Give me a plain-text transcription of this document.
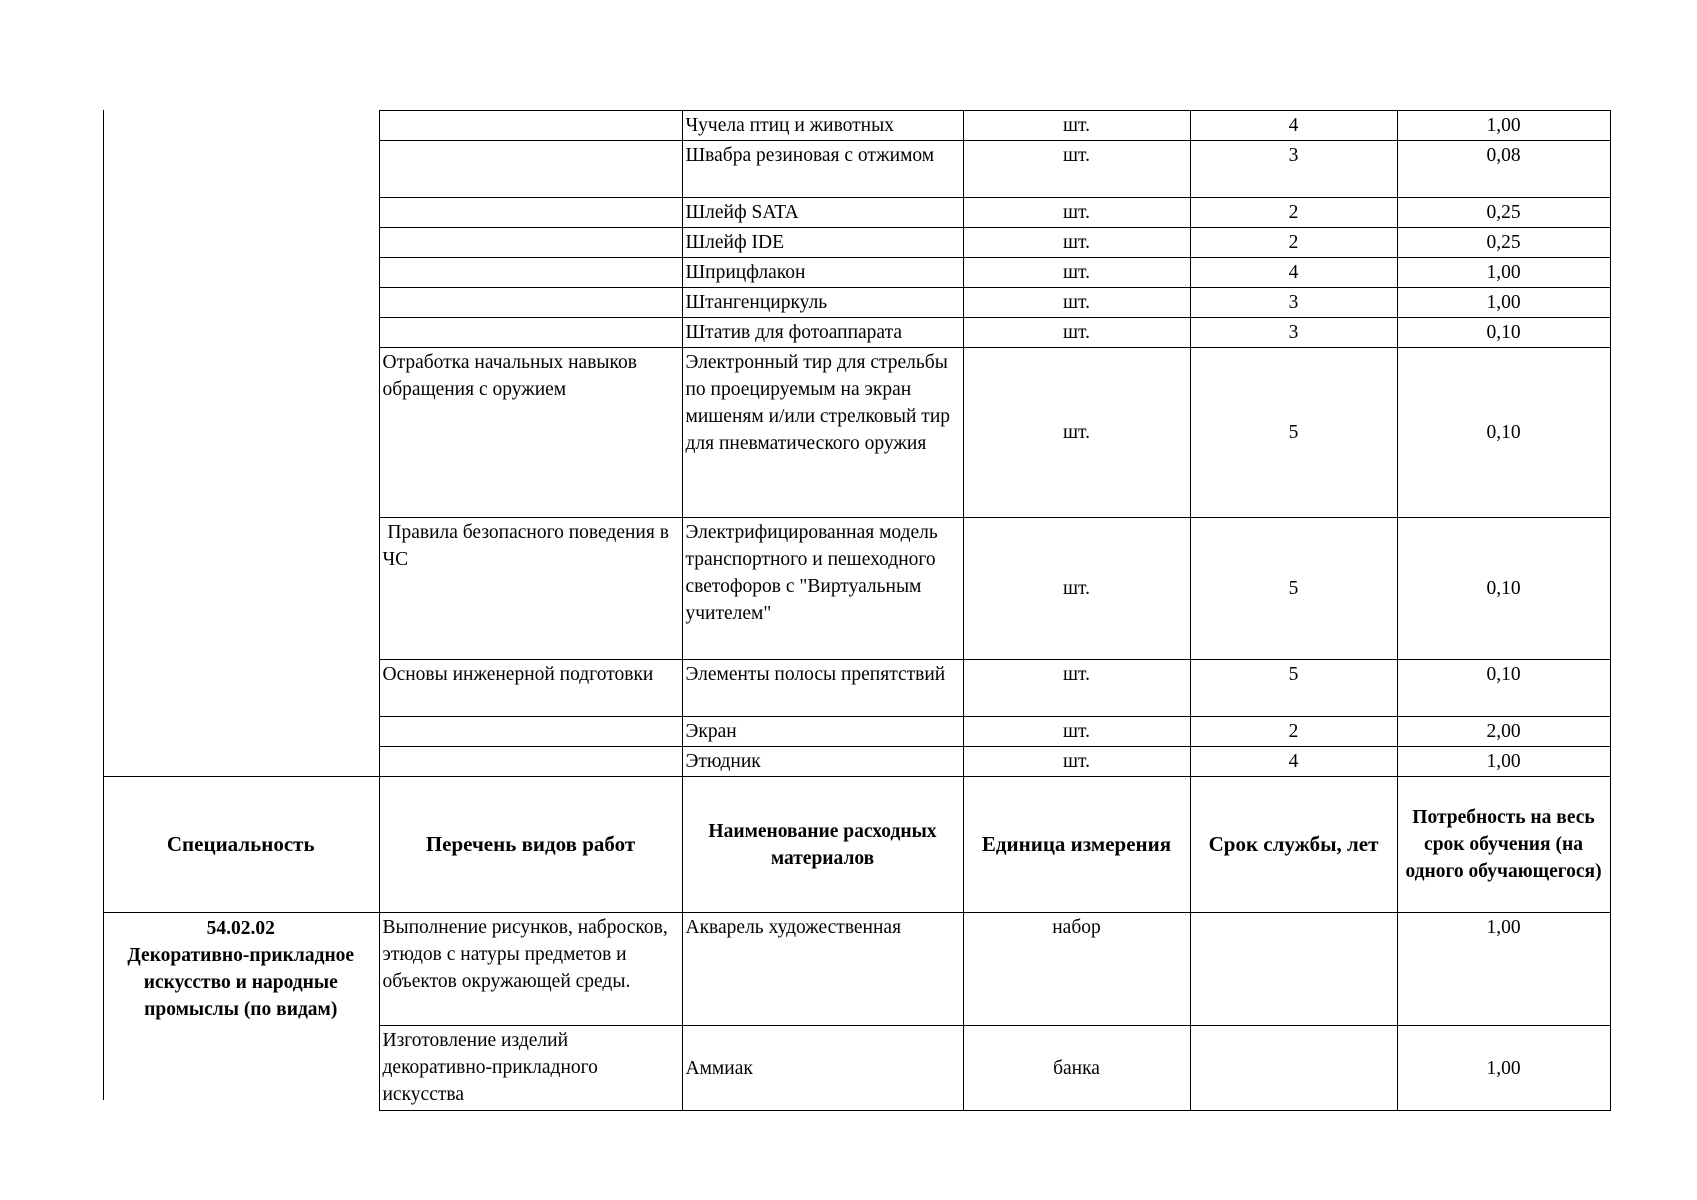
		Чучела птиц и животных	шт.	4	1,00
		Швабра резиновая с отжимом	шт.	3	0,08
		Шлейф SATA	шт.	2	0,25
		Шлейф IDE	шт.	2	0,25
		Шприцфлакон	шт.	4	1,00
		Штангенциркуль	шт.	3	1,00
		Штатив для фотоаппарата	шт.	3	0,10
	Отработка начальных навыков обращения с оружием	Электронный тир для стрельбы по проецируемым на экран мишеням и/или стрелковый тир для пневматического оружия	шт.	5	0,10
	Правила безопасного поведения в ЧС	Электрифицированная модель транспортного и пешеходного светофоров с "Виртуальным учителем"	шт.	5	0,10
	Основы инженерной подготовки	Элементы полосы препятствий	шт.	5	0,10
		Экран	шт.	2	2,00
		Этюдник	шт.	4	1,00
Специальность	Перечень видов работ	Наименование расходных материалов	Единица измерения	Срок службы, лет	Потребность на весь срок обучения (на одного обучающегося)

54.02.02
Декоративно-прикладное искусство и народные промыслы (по видам)	Выполнение рисунков, набросков, этюдов с натуры предметов и объектов окружающей среды.	Акварель художественная	набор		1,00
	Изготовление изделий декоративно-прикладного искусства	Аммиак	банка		1,00
